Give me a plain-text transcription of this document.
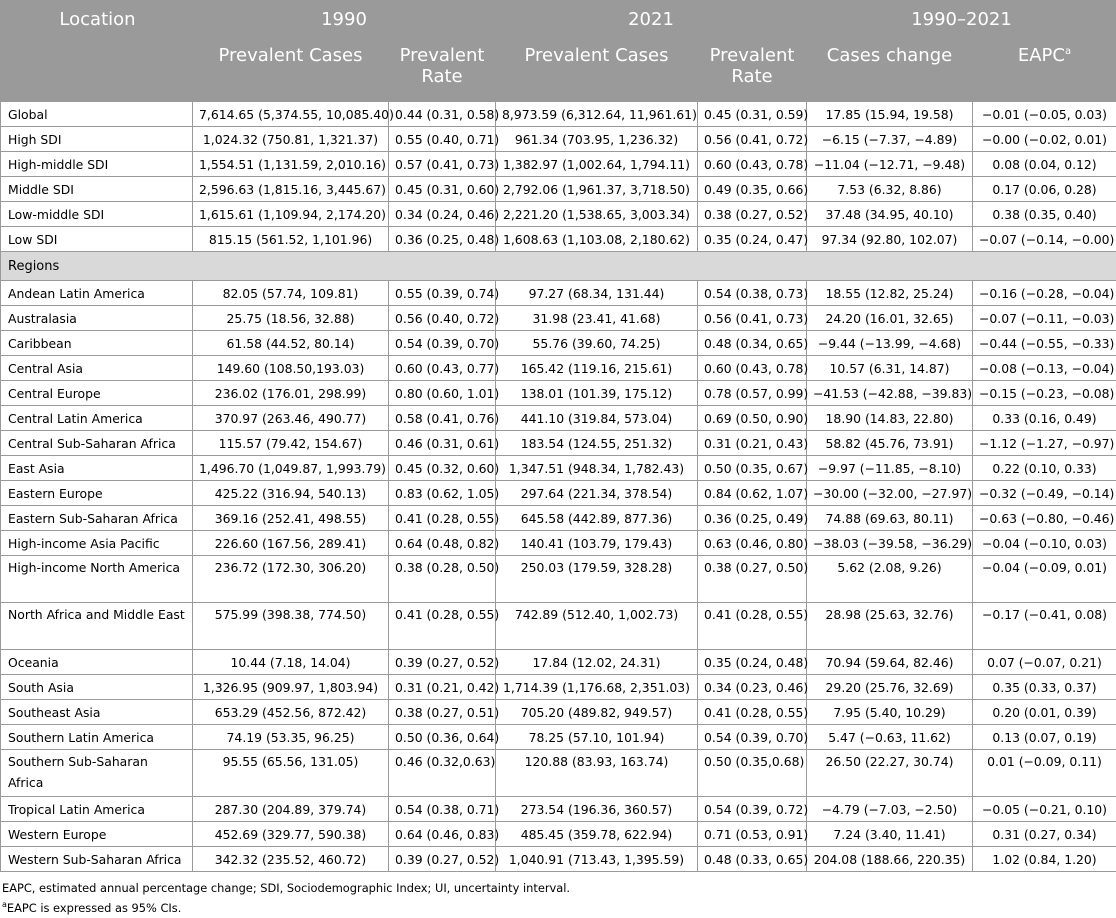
Location	1990		2021		1990–2021	
	Prevalent Cases	Prevalent Rate	Prevalent Cases	Prevalent Rate	Cases change	EAPC$^a$
Global	7,614.65 (5,374.55, 10,085.40)	0.44 (0.31, 0.58)	8,973.59 (6,312.64, 11,961.61)	0.45 (0.31, 0.59)	17.85 (15.94, 19.58)	−0.01 (−0.05, 0.03)
High SDI	1,024.32 (750.81, 1,321.37)	0.55 (0.40, 0.71)	961.34 (703.95, 1,236.32)	0.56 (0.41, 0.72)	−6.15 (−7.37, −4.89)	−0.00 (−0.02, 0.01)
High-middle SDI	1,554.51 (1,131.59, 2,010.16)	0.57 (0.41, 0.73)	1,382.97 (1,002.64, 1,794.11)	0.60 (0.43, 0.78)	−11.04 (−12.71, −9.48)	0.08 (0.04, 0.12)
Middle SDI	2,596.63 (1,815.16, 3,445.67)	0.45 (0.31, 0.60)	2,792.06 (1,961.37, 3,718.50)	0.49 (0.35, 0.66)	7.53 (6.32, 8.86)	0.17 (0.06, 0.28)
Low-middle SDI	1,615.61 (1,109.94, 2,174.20)	0.34 (0.24, 0.46)	2,221.20 (1,538.65, 3,003.34)	0.38 (0.27, 0.52)	37.48 (34.95, 40.10)	0.38 (0.35, 0.40)
Low SDI	815.15 (561.52, 1,101.96)	0.36 (0.25, 0.48)	1,608.63 (1,103.08, 2,180.62)	0.35 (0.24, 0.47)	97.34 (92.80, 102.07)	−0.07 (−0.14, −0.00)
Regions						
Andean Latin America	82.05 (57.74, 109.81)	0.55 (0.39, 0.74)	97.27 (68.34, 131.44)	0.54 (0.38, 0.73)	18.55 (12.82, 25.24)	−0.16 (−0.28, −0.04)
Australasia	25.75 (18.56, 32.88)	0.56 (0.40, 0.72)	31.98 (23.41, 41.68)	0.56 (0.41, 0.73)	24.20 (16.01, 32.65)	−0.07 (−0.11, −0.03)
Caribbean	61.58 (44.52, 80.14)	0.54 (0.39, 0.70)	55.76 (39.60, 74.25)	0.48 (0.34, 0.65)	−9.44 (−13.99, −4.68)	−0.44 (−0.55, −0.33)
Central Asia	149.60 (108.50,193.03)	0.60 (0.43, 0.77)	165.42 (119.16, 215.61)	0.60 (0.43, 0.78)	10.57 (6.31, 14.87)	−0.08 (−0.13, −0.04)
Central Europe	236.02 (176.01, 298.99)	0.80 (0.60, 1.01)	138.01 (101.39, 175.12)	0.78 (0.57, 0.99)	−41.53 (−42.88, −39.83)	−0.15 (−0.23, −0.08)
Central Latin America	370.97 (263.46, 490.77)	0.58 (0.41, 0.76)	441.10 (319.84, 573.04)	0.69 (0.50, 0.90)	18.90 (14.83, 22.80)	0.33 (0.16, 0.49)
Central Sub-Saharan Africa	115.57 (79.42, 154.67)	0.46 (0.31, 0.61)	183.54 (124.55, 251.32)	0.31 (0.21, 0.43)	58.82 (45.76, 73.91)	−1.12 (−1.27, −0.97)
East Asia	1,496.70 (1,049.87, 1,993.79)	0.45 (0.32, 0.60)	1,347.51 (948.34, 1,782.43)	0.50 (0.35, 0.67)	−9.97 (−11.85, −8.10)	0.22 (0.10, 0.33)
Eastern Europe	425.22 (316.94, 540.13)	0.83 (0.62, 1.05)	297.64 (221.34, 378.54)	0.84 (0.62, 1.07)	−30.00 (−32.00, −27.97)	−0.32 (−0.49, −0.14)
Eastern Sub-Saharan Africa	369.16 (252.41, 498.55)	0.41 (0.28, 0.55)	645.58 (442.89, 877.36)	0.36 (0.25, 0.49)	74.88 (69.63, 80.11)	−0.63 (−0.80, −0.46)
High-income Asia Pacific	226.60 (167.56, 289.41)	0.64 (0.48, 0.82)	140.41 (103.79, 179.43)	0.63 (0.46, 0.80)	−38.03 (−39.58, −36.29)	−0.04 (−0.10, 0.03)
High-income North America	236.72 (172.30, 306.20)	0.38 (0.28, 0.50)	250.03 (179.59, 328.28)	0.38 (0.27, 0.50)	5.62 (2.08, 9.26)	−0.04 (−0.09, 0.01)
North Africa and Middle East	575.99 (398.38, 774.50)	0.41 (0.28, 0.55)	742.89 (512.40, 1,002.73)	0.41 (0.28, 0.55)	28.98 (25.63, 32.76)	−0.17 (−0.41, 0.08)
Oceania	10.44 (7.18, 14.04)	0.39 (0.27, 0.52)	17.84 (12.02, 24.31)	0.35 (0.24, 0.48)	70.94 (59.64, 82.46)	0.07 (−0.07, 0.21)
South Asia	1,326.95 (909.97, 1,803.94)	0.31 (0.21, 0.42)	1,714.39 (1,176.68, 2,351.03)	0.34 (0.23, 0.46)	29.20 (25.76, 32.69)	0.35 (0.33, 0.37)
Southeast Asia	653.29 (452.56, 872.42)	0.38 (0.27, 0.51)	705.20 (489.82, 949.57)	0.41 (0.28, 0.55)	7.95 (5.40, 10.29)	0.20 (0.01, 0.39)
Southern Latin America	74.19 (53.35, 96.25)	0.50 (0.36, 0.64)	78.25 (57.10, 101.94)	0.54 (0.39, 0.70)	5.47 (−0.63, 11.62)	0.13 (0.07, 0.19)
Southern Sub-Saharan Africa	95.55 (65.56, 131.05)	0.46 (0.32,0.63)	120.88 (83.93, 163.74)	0.50 (0.35,0.68)	26.50 (22.27, 30.74)	0.01 (−0.09, 0.11)
Tropical Latin America	287.30 (204.89, 379.74)	0.54 (0.38, 0.71)	273.54 (196.36, 360.57)	0.54 (0.39, 0.72)	−4.79 (−7.03, −2.50)	−0.05 (−0.21, 0.10)
Western Europe	452.69 (329.77, 590.38)	0.64 (0.46, 0.83)	485.45 (359.78, 622.94)	0.71 (0.53, 0.91)	7.24 (3.40, 11.41)	0.31 (0.27, 0.34)
Western Sub-Saharan Africa	342.32 (235.52, 460.72)	0.39 (0.27, 0.52)	1,040.91 (713.43, 1,395.59)	0.48 (0.33, 0.65)	204.08 (188.66, 220.35)	1.02 (0.84, 1.20)

EAPC, estimated annual percentage change; SDI, Sociodemographic Index; UI, uncertainty interval.

$^a$EAPC is expressed as 95% CIs.
